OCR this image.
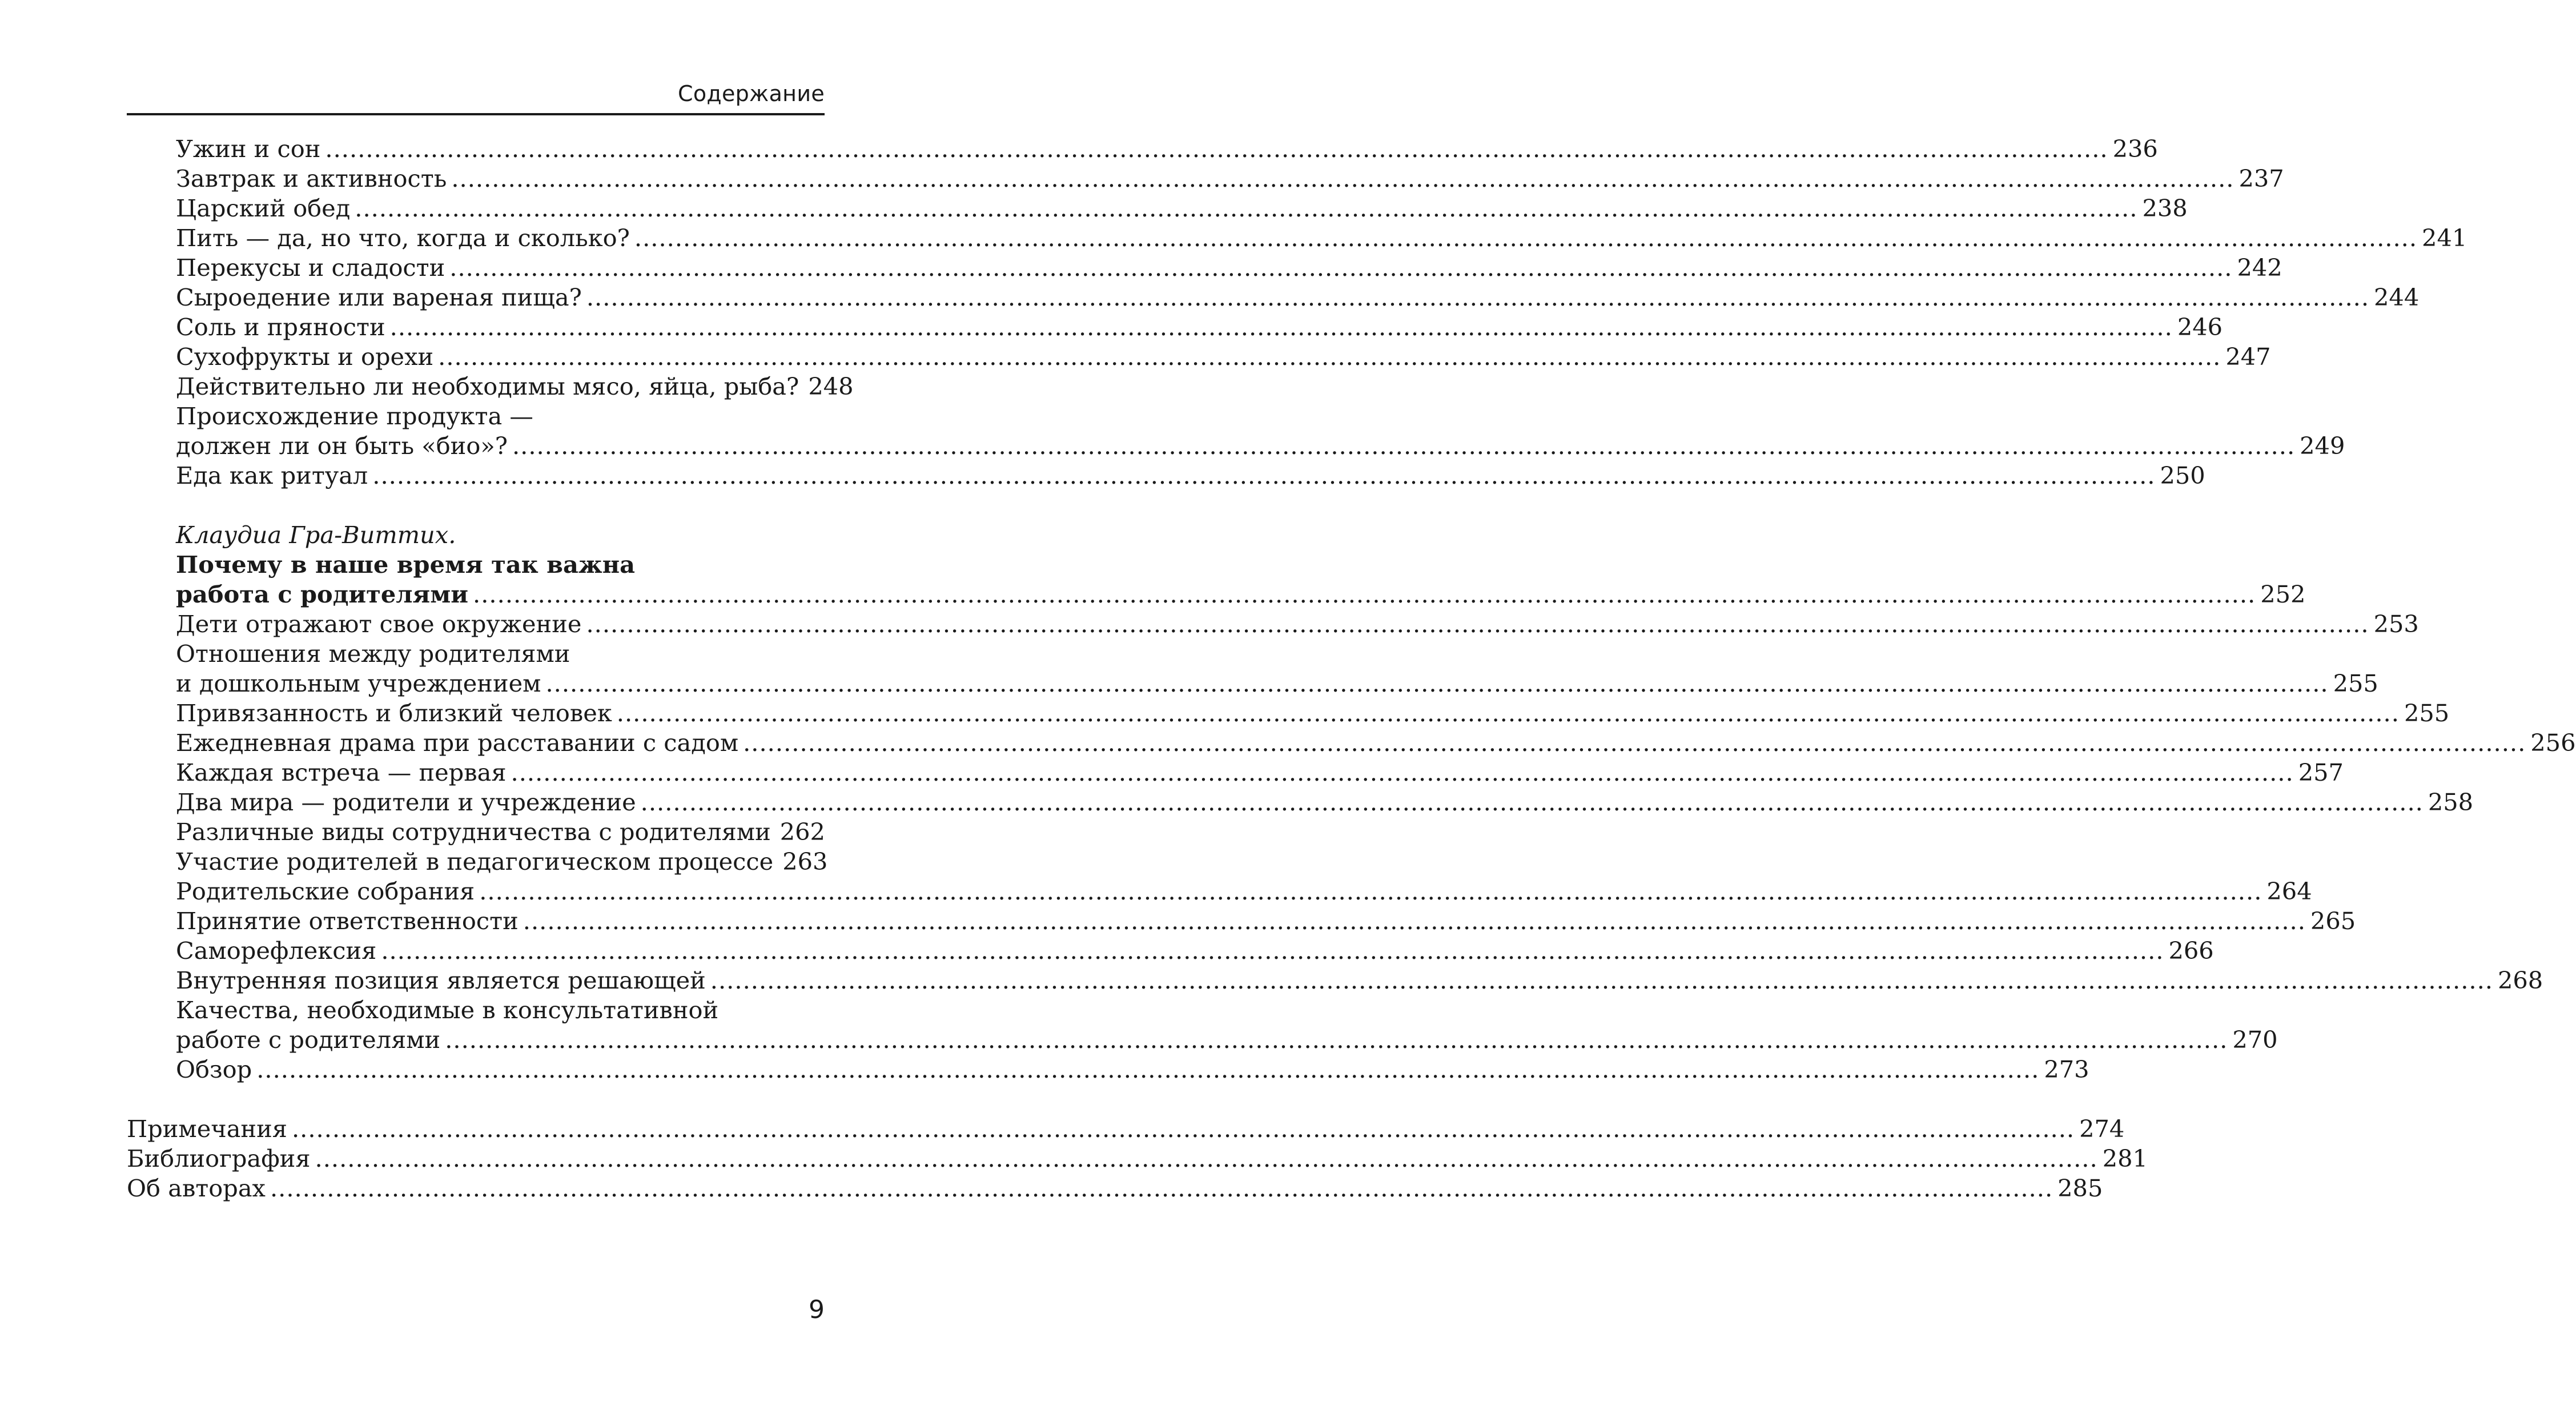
Содержание
Ужин и сон ............................................................................................................................................................................................................................ 236
Завтрак и активность ............................................................................................................................................................................................................................ 237
Царский обед ............................................................................................................................................................................................................................ 238
Пить — да, но что, когда и сколько? ............................................................................................................................................................................................................................ 241
Перекусы и сладости ............................................................................................................................................................................................................................ 242
Сыроедение или вареная пища? ............................................................................................................................................................................................................................ 244
Соль и пряности ............................................................................................................................................................................................................................ 246
Сухофрукты и орехи ............................................................................................................................................................................................................................ 247
Действительно ли необходимы мясо, яйца, рыба? 248
Происхождение продукта —
должен ли он быть «био»? ............................................................................................................................................................................................................................ 249
Еда как ритуал ............................................................................................................................................................................................................................ 250
Клаудиа Гра-Виттих.
Почему в наше время так важна
работа с родителями ............................................................................................................................................................................................................................ 252
Дети отражают свое окружение ............................................................................................................................................................................................................................ 253
Отношения между родителями
и дошкольным учреждением ............................................................................................................................................................................................................................ 255
Привязанность и близкий человек ............................................................................................................................................................................................................................ 255
Ежедневная драма при расставании с садом ............................................................................................................................................................................................................................ 256
Каждая встреча — первая ............................................................................................................................................................................................................................ 257
Два мира — родители и учреждение ............................................................................................................................................................................................................................ 258
Различные виды сотрудничества с родителями 262
Участие родителей в педагогическом процессе 263
Родительские собрания ............................................................................................................................................................................................................................ 264
Принятие ответственности ............................................................................................................................................................................................................................ 265
Саморефлексия ............................................................................................................................................................................................................................ 266
Внутренняя позиция является решающей ............................................................................................................................................................................................................................ 268
Качества, необходимые в консультативной
работе с родителями ............................................................................................................................................................................................................................ 270
Обзор ............................................................................................................................................................................................................................ 273
Примечания ............................................................................................................................................................................................................................ 274
Библиография ............................................................................................................................................................................................................................ 281
Об авторах ............................................................................................................................................................................................................................ 285
9
